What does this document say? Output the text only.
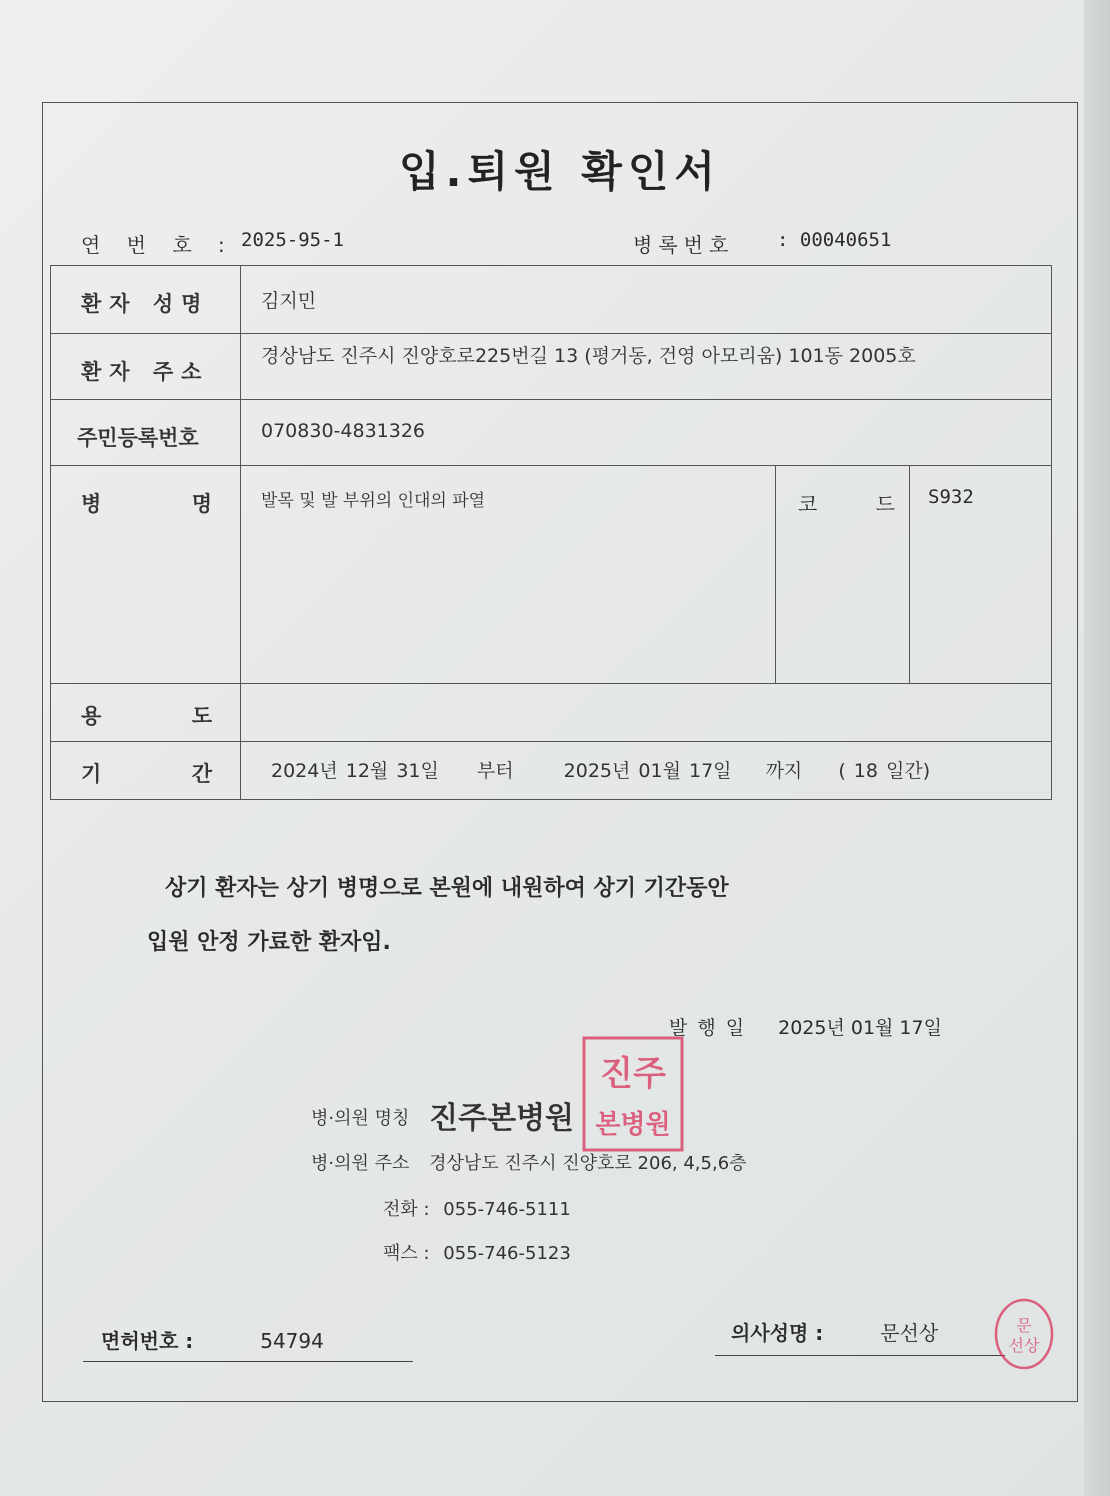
입.퇴원 확인서
연 번 호 : 2025-95-1	병록번호 : 00040651
환자 성명	김지민		
환자 주소	경상남도 진주시 진양호로225번길 13 (평거동, 건영 아모리움) 101동 2005호		
주민등록번호	070830-4831326		

병 명	발목 및 발 부위의 인대의 파열	코 드	S932

용 도			

기 간	2024년 12월 31일 부터 2025년 01월 17일 까지 ( 18 일간)		
상기 환자는 상기 병명으로 본원에 내원하여 상기 기간동안
입원 안정 가료한 환자임.
발행일 2025년 01월 17일
진주
본병원
병·의원 명칭 진주본병원
병·의원 주소 경상남도 진주시 진양호로 206, 4,5,6층
전화 : 055-746-5111
팩스 : 055-746-5123
면허번호 :	54794	의사성명 :	문선상	문
선상
